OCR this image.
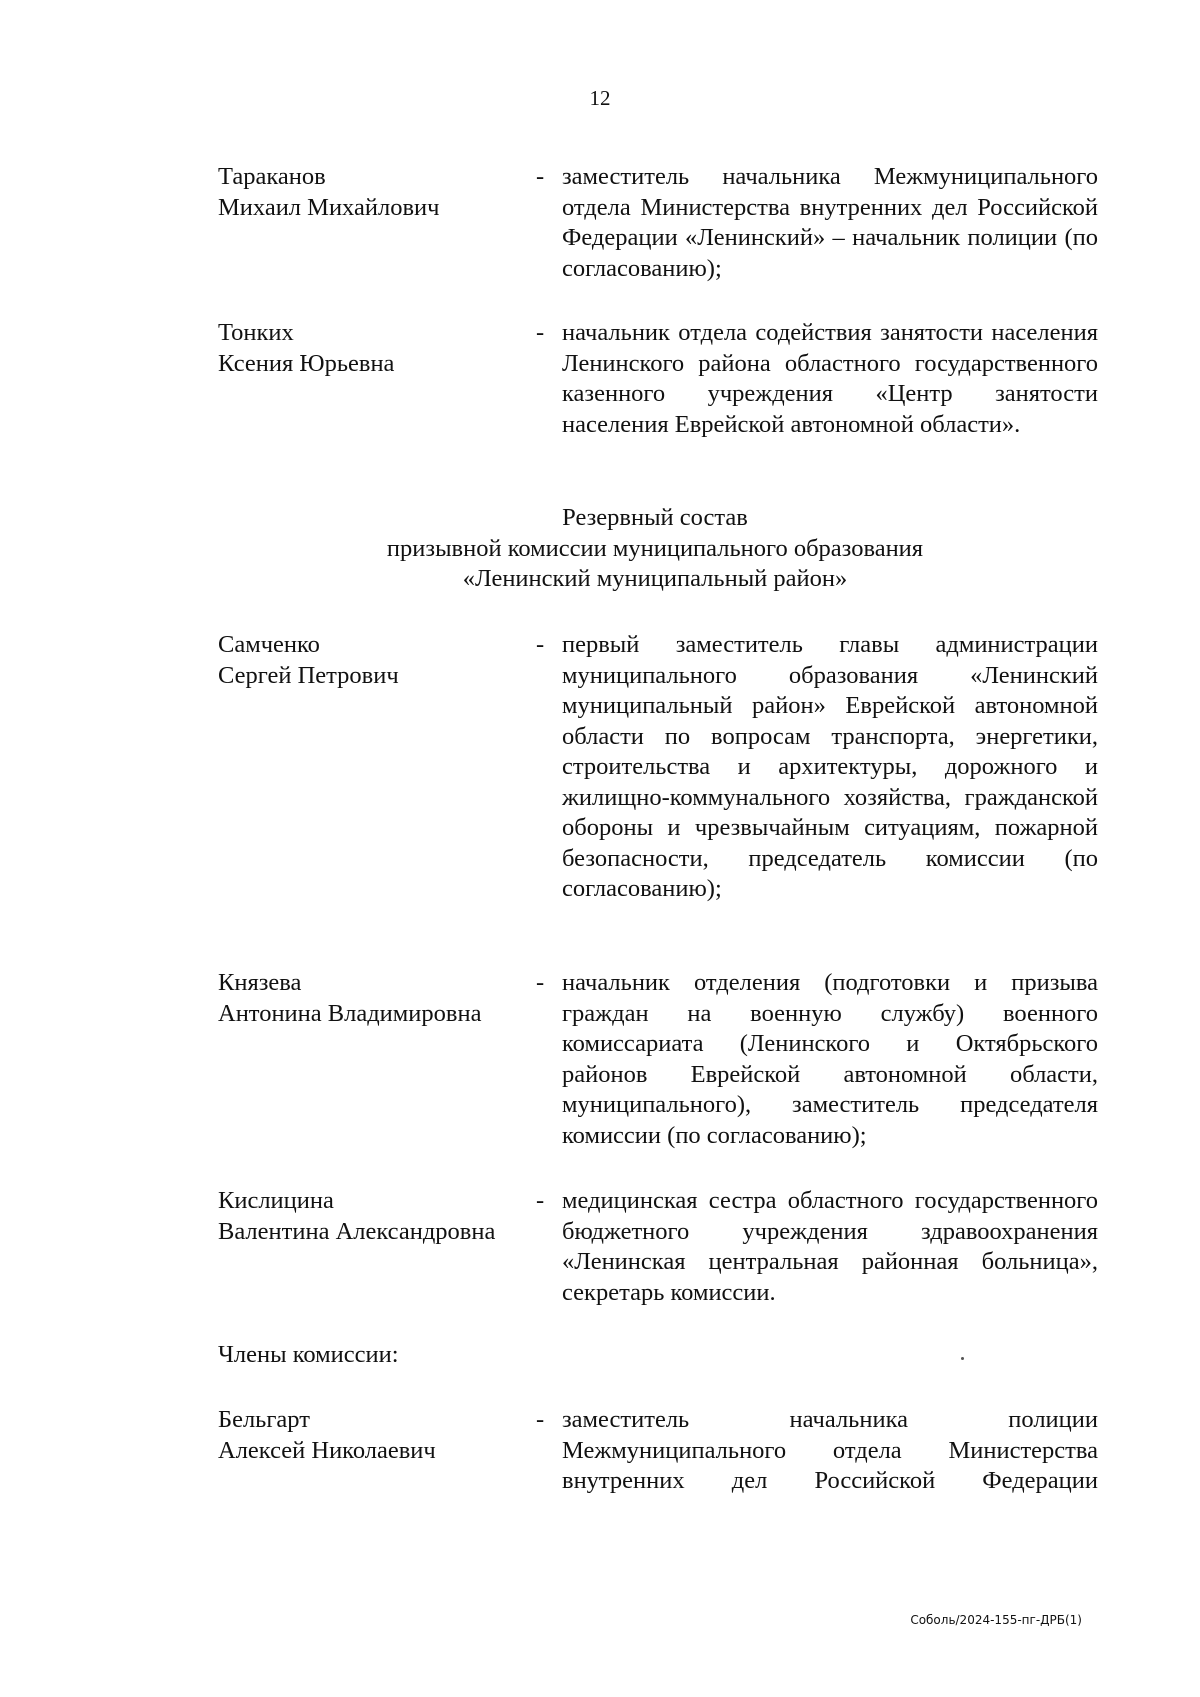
12
Тараканов
Михаил Михайлович
- заместитель начальника Межмуниципального отдела Министерства внутренних дел Российской Федерации «Ленинский» – начальник полиции (по согласованию);
Тонких
Ксения Юрьевна
- начальник отдела содействия занятости населения Ленинского района областного государственного казенного учреждения «Центр занятости населения Еврейской автономной области».
Резервный состав
призывной комиссии муниципального образования
«Ленинский муниципальный район»
Самченко
Сергей Петрович
- первый заместитель главы администрации муниципального образования «Ленинский муниципальный район» Еврейской автономной области по вопросам транспорта, энергетики, строительства и архитектуры, дорожного и жилищно-коммунального хозяйства, гражданской обороны и чрезвычайным ситуациям, пожарной безопасности, председатель комиссии (по согласованию);
Князева
Антонина Владимировна
- начальник отделения (подготовки и призыва граждан на военную службу) военного комиссариата (Ленинского и Октябрьского районов Еврейской автономной области, муниципального), заместитель председателя комиссии (по согласованию);
Кислицина
Валентина Александровна
- медицинская сестра областного государственного бюджетного учреждения здравоохранения «Ленинская центральная районная больница», секретарь комиссии.
Члены комиссии:
Бельгарт
Алексей Николаевич
- заместитель начальника полиции Межмуниципального отдела Министерства внутренних дел Российской Федерации
Соболь/2024-155-пг-ДРБ(1)
